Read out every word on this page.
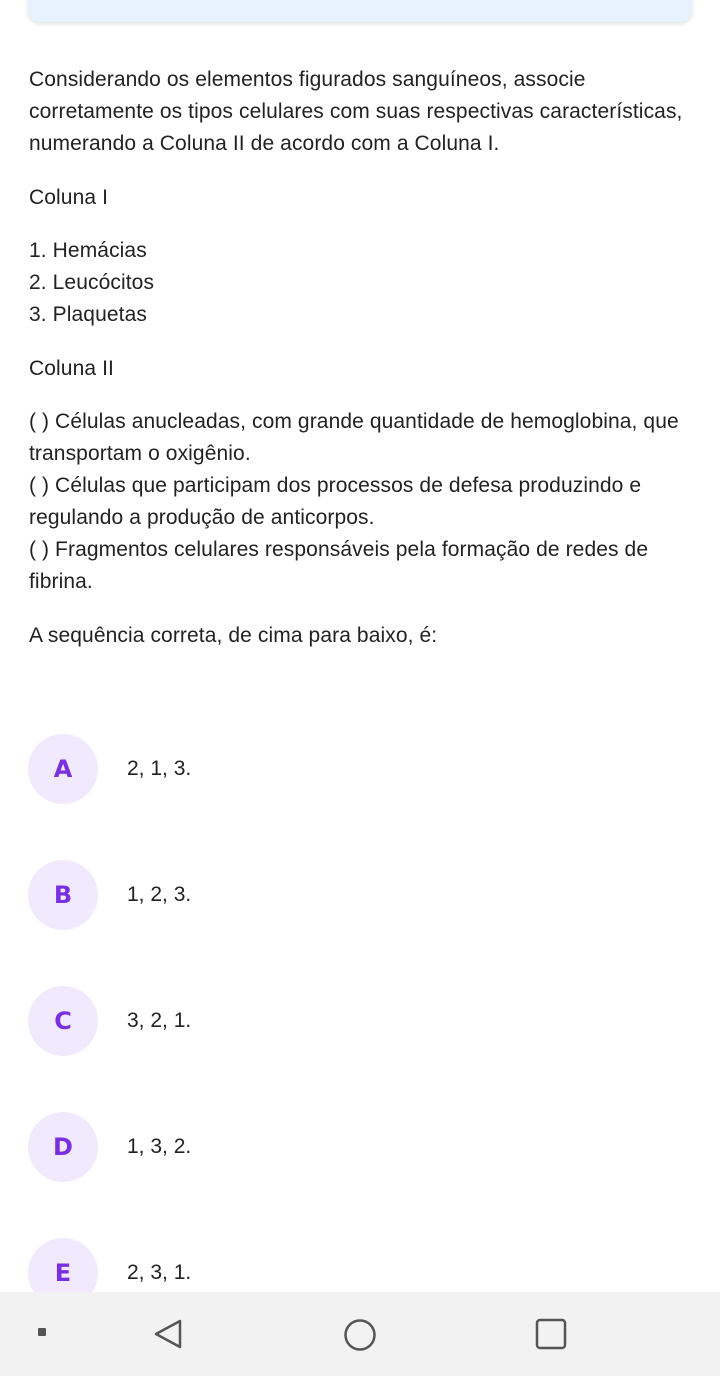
Considerando os elementos figurados sanguíneos, associe corretamente os tipos celulares com suas respectivas características, numerando a Coluna II de acordo com a Coluna I.

Coluna I

1. Hemácias

2. Leucócitos

3. Plaquetas

Coluna II

( ) Células anucleadas, com grande quantidade de hemoglobina, que transportam o oxigênio.

( ) Células que participam dos processos de defesa produzindo e regulando a produção de anticorpos.

( ) Fragmentos celulares responsáveis pela formação de redes de fibrina.

A sequência correta, de cima para baixo, é:

A	2, 1, 3.
B	1, 2, 3.
C	3, 2, 1.
D	1, 3, 2.
E	2, 3, 1.
